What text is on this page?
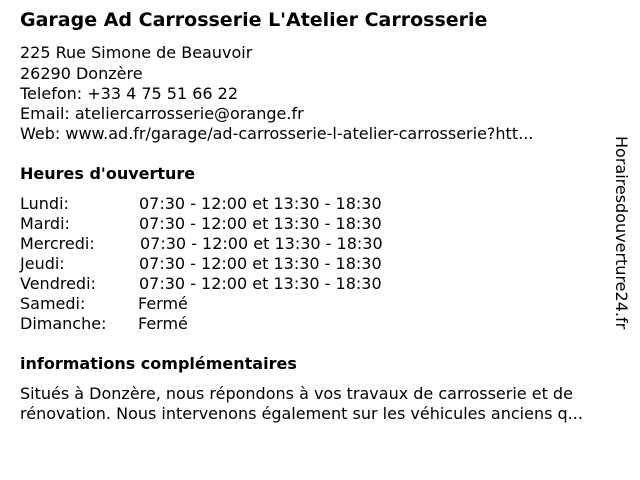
Garage Ad Carrosserie L'Atelier Carrosserie
225 Rue Simone de Beauvoir
26290 Donzère
Telefon: +33 4 75 51 66 22
Email: ateliercarrosserie@orange.fr
Web: www.ad.fr/garage/ad-carrosserie-l-atelier-carrosserie?htt...
Heures d'ouverture
Lundi:	07:30 - 12:00 et 13:30 - 18:30
Mardi:	07:30 - 12:00 et 13:30 - 18:30
Mercredi:	07:30 - 12:00 et 13:30 - 18:30
Jeudi:	07:30 - 12:00 et 13:30 - 18:30
Vendredi:	07:30 - 12:00 et 13:30 - 18:30
Samedi:	Fermé
Dimanche: Fermé
informations complémentaires
Situés à Donzère, nous répondons à vos travaux de carrosserie et de
rénovation. Nous intervenons également sur les véhicules anciens q...
Horairesdouverture24.fr
